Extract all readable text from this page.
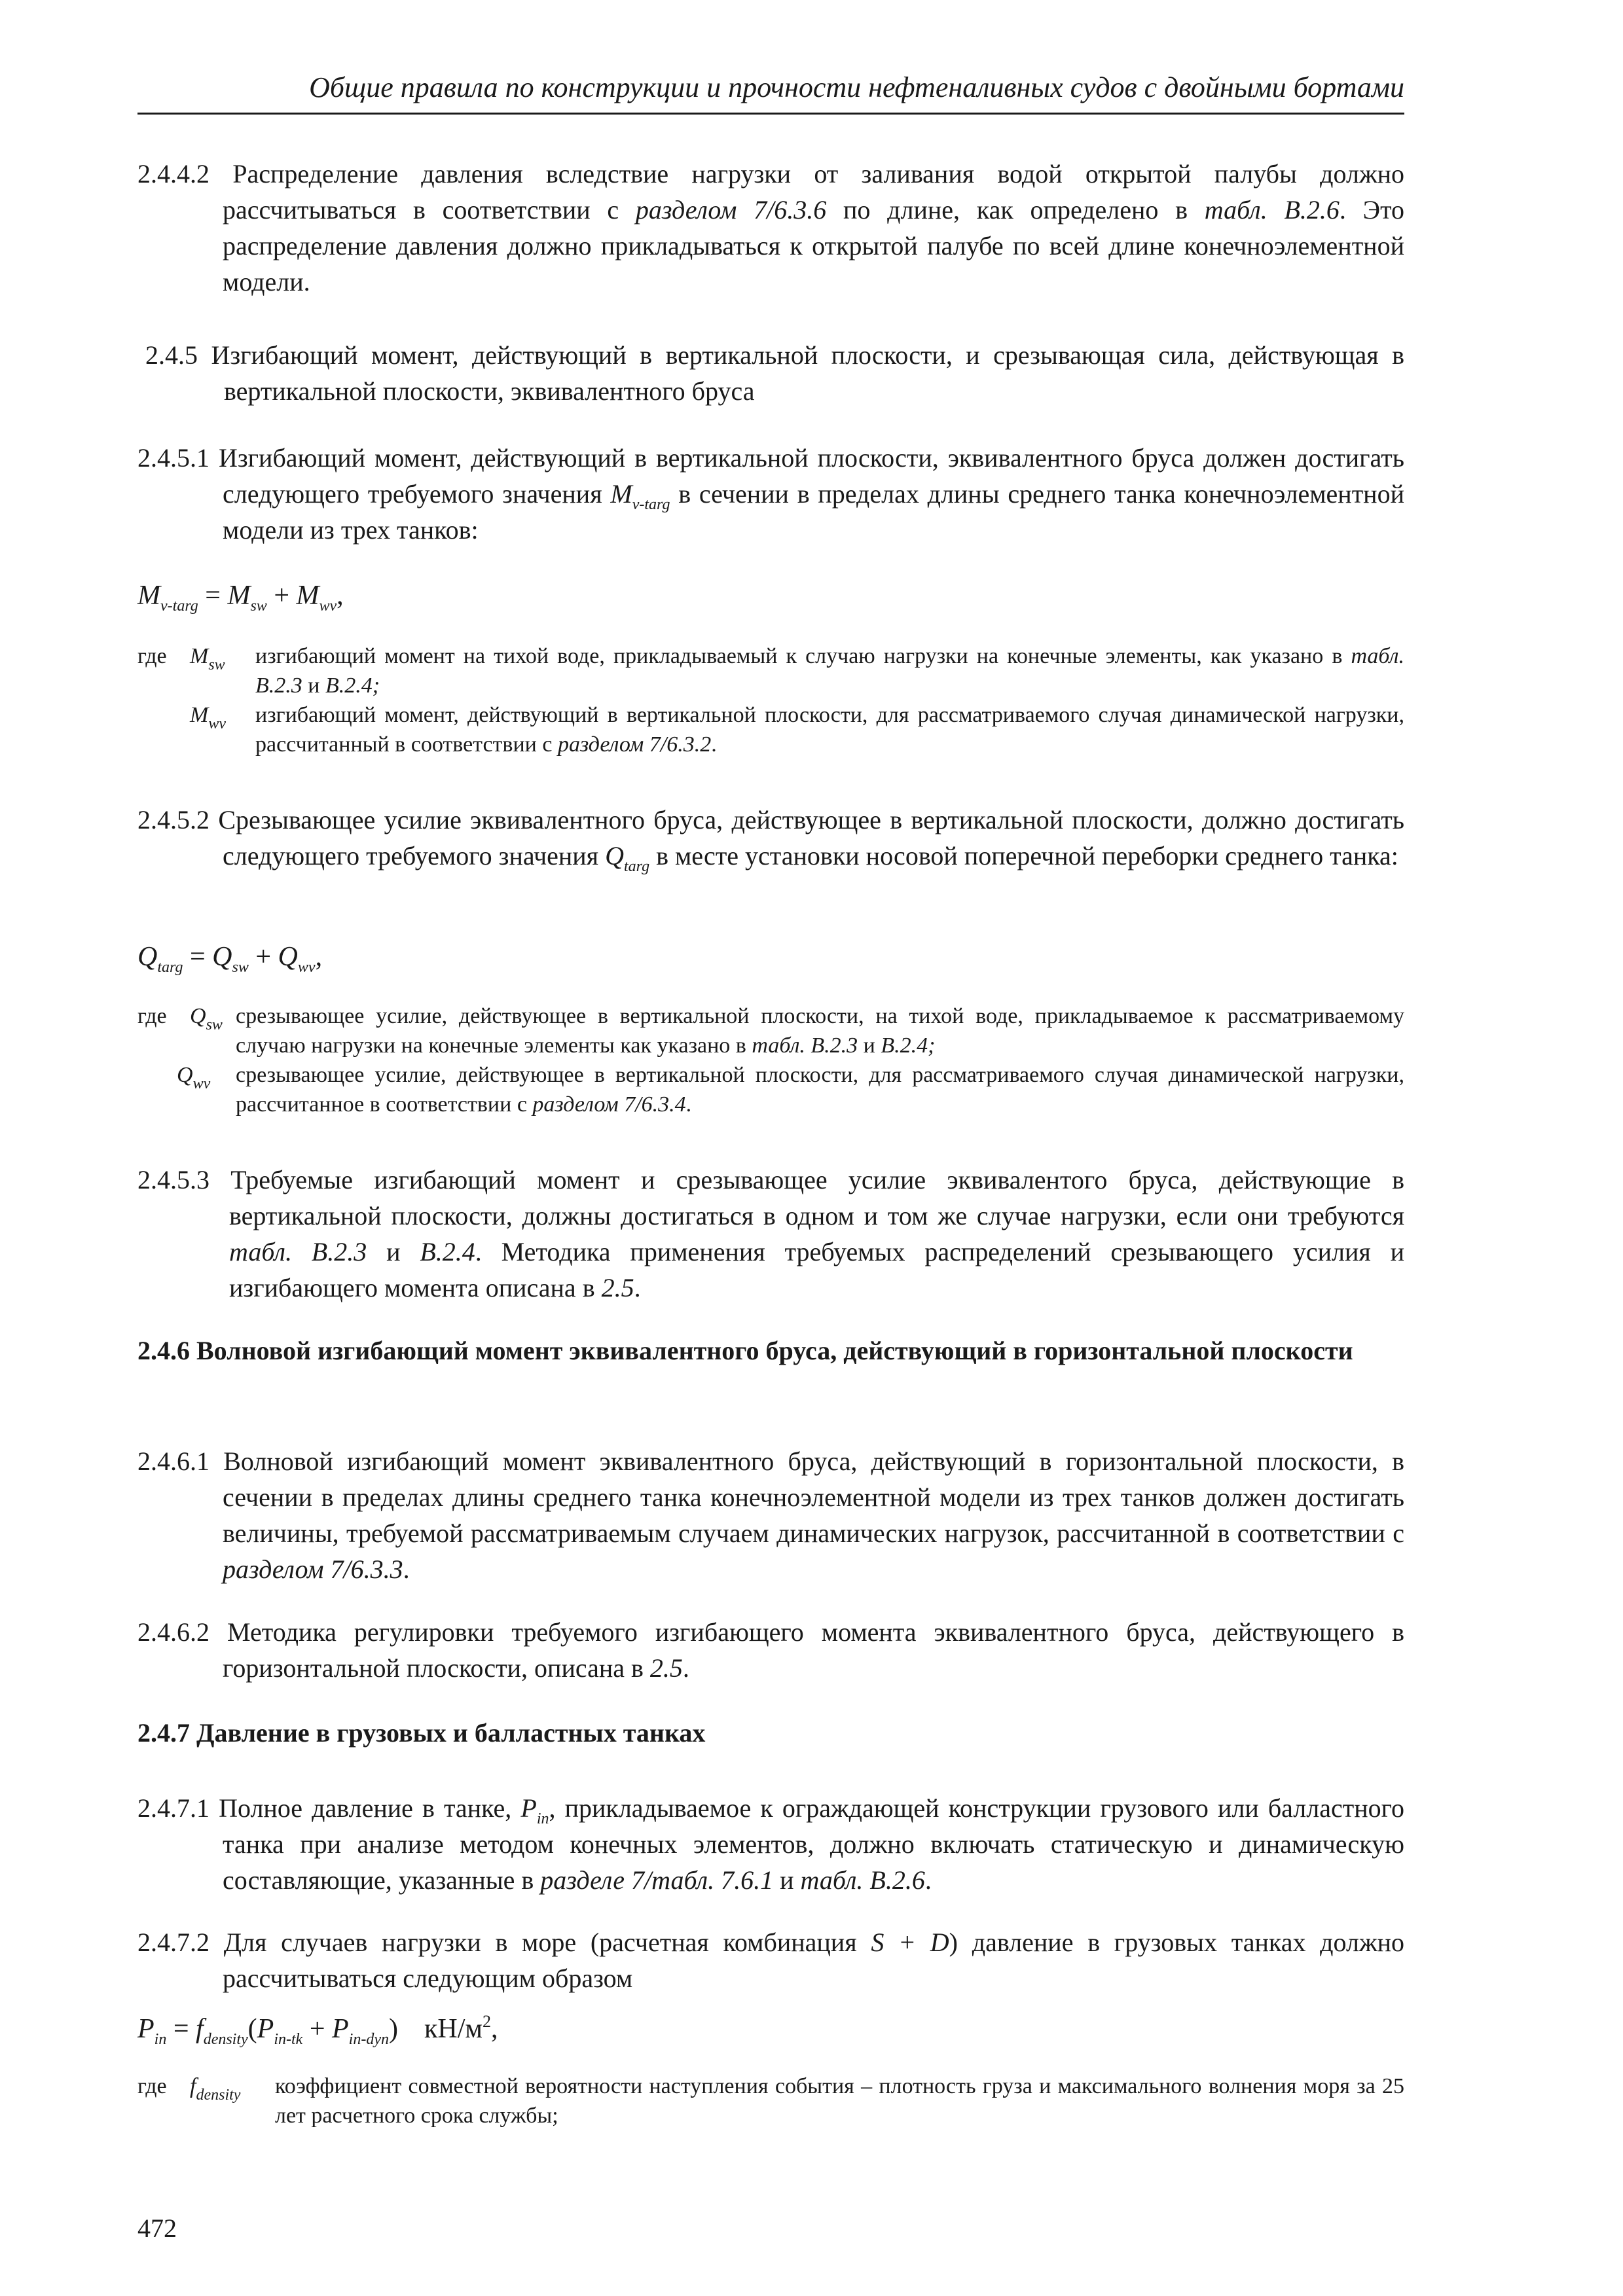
Общие правила по конструкции и прочности нефтеналивных судов с двойными бортами
2.4.4.2 Распределение давления вследствие нагрузки от заливания водой открытой палубы должно рассчитываться в соответствии с разделом 7/6.3.6 по длине, как определено в табл. В.2.6. Это распределение давления должно прикладываться к открытой палубе по всей длине конечноэлементной модели.
2.4.5 Изгибающий момент, действующий в вертикальной плоскости, и срезывающая сила, действующая в вертикальной плоскости, эквивалентного бруса
2.4.5.1 Изгибающий момент, действующий в вертикальной плоскости, эквивалентного бруса должен достигать следующего требуемого значения $M_{v-targ}$ в сечении в пределах длины среднего танка конечноэлементной модели из трех танков:
$M_{v-targ} = M_{sw} + M_{wv}$,
где	$M_{sw}$	изгибающий момент на тихой воде, прикладываемый к случаю нагрузки на конечные элементы, как указано в табл. В.2.3 и В.2.4;
$M_{wv}$	изгибающий момент, действующий в вертикальной плоскости, для рассматриваемого случая динамической нагрузки, рассчитанный в соответствии с разделом 7/6.3.2.
2.4.5.2 Срезывающее усилие эквивалентного бруса, действующее в вертикальной плоскости, должно достигать следующего требуемого значения $Q_{targ}$ в месте установки носовой поперечной переборки среднего танка:
$Q_{targ} = Q_{sw} + Q_{wv}$,
где	$Q_{sw}$ срезывающее усилие, действующее в вертикальной плоскости, на тихой воде, прикладываемое к рассматриваемому случаю нагрузки на конечные элементы как указано в табл. В.2.3 и В.2.4;
$Q_{wv}$	срезывающее усилие, действующее в вертикальной плоскости, для рассматриваемого случая динамической нагрузки, рассчитанное в соответствии с разделом 7/6.3.4.
2.4.5.3 Требуемые изгибающий момент и срезывающее усилие эквивалентого бруса, действующие в вертикальной плоскости, должны достигаться в одном и том же случае нагрузки, если они требуются табл. В.2.3 и В.2.4. Методика применения требуемых распределений срезывающего усилия и изгибающего момента описана в 2.5.
2.4.6 Волновой изгибающий момент эквивалентного бруса, действующий в горизонтальной плоскости
2.4.6.1 Волновой изгибающий момент эквивалентного бруса, действующий в горизонтальной плоскости, в сечении в пределах длины среднего танка конечноэлементной модели из трех танков должен достигать величины, требуемой рассматриваемым случаем динамических нагрузок, рассчитанной в соответствии с разделом 7/6.3.3.
2.4.6.2 Методика регулировки требуемого изгибающего момента эквивалентного бруса, действующего в горизонтальной плоскости, описана в 2.5.
2.4.7 Давление в грузовых и балластных танках
2.4.7.1 Полное давление в танке, $P_{in}$, прикладываемое к ограждающей конструкции грузового или балластного танка при анализе методом конечных элементов, должно включать статическую и динамическую составляющие, указанные в разделе 7/табл. 7.6.1 и табл. В.2.6.
2.4.7.2 Для случаев нагрузки в море (расчетная комбинация S + D) давление в грузовых танках должно рассчитываться следующим образом
$P_{in} = f_{density}(P_{in-tk} + P_{in-dyn})$ $кН/м^2$,
где	$f_{density}$	коэффициент совместной вероятности наступления события – плотность груза и максимального волнения моря за 25 лет расчетного срока службы;
472
